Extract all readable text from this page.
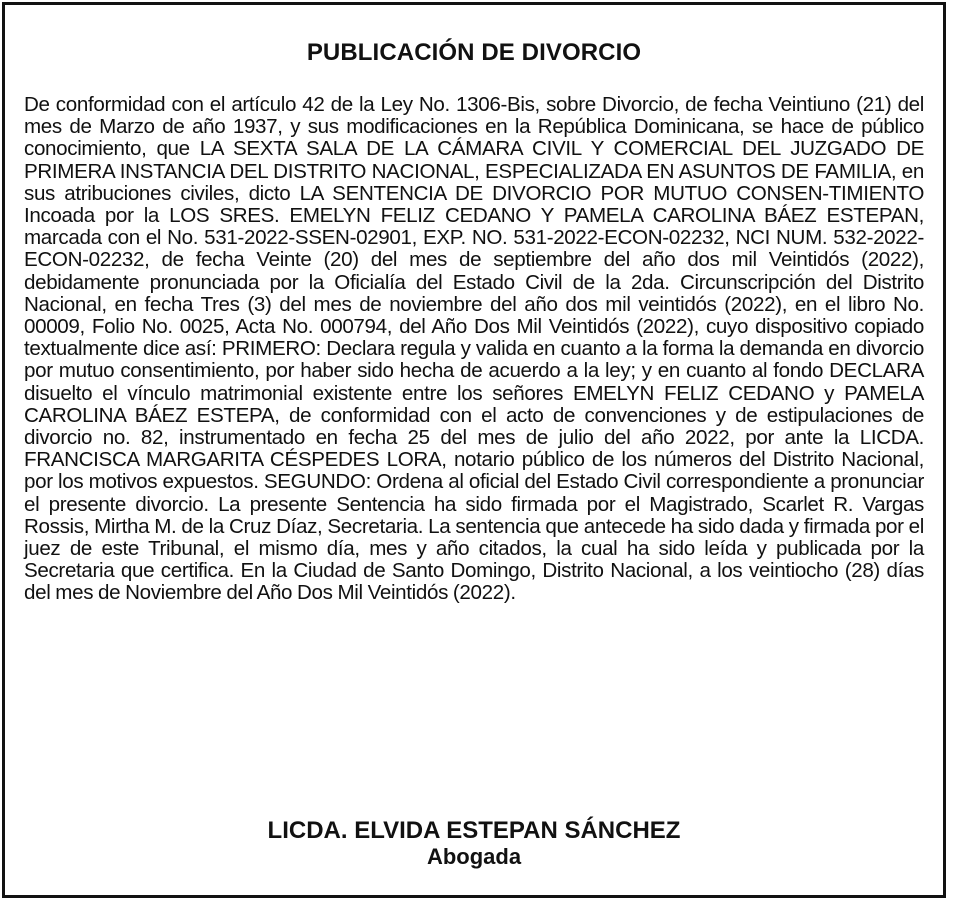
PUBLICACIÓN DE DIVORCIO

De conformidad con el artículo 42 de la Ley No. 1306-Bis, sobre Divorcio, de fecha Veintiuno (21) del mes de Marzo de año 1937, y sus modificaciones en la República Dominicana, se hace de público conocimiento, que LA SEXTA SALA DE LA CÁMARA CIVIL Y COMERCIAL DEL JUZGADO DE PRIMERA INSTANCIA DEL DISTRITO NACIONAL, ESPECIALIZADA EN ASUNTOS DE FAMILIA, en sus atribuciones civiles, dicto LA SENTENCIA DE DIVORCIO POR MUTUO CONSEN-TIMIENTO Incoada por la LOS SRES. EMELYN FELIZ CEDANO Y PAMELA CAROLINA BÁEZ ESTEPAN, marcada con el No. 531-2022-SSEN-02901, EXP. NO. 531-2022-ECON-02232, NCI NUM. 532-2022-ECON-02232, de fecha Veinte (20) del mes de septiembre del año dos mil Veintidós (2022), debidamente pronunciada por la Oficialía del Estado Civil de la 2da. Circunscripción del Distrito Nacional, en fecha Tres (3) del mes de noviembre del año dos mil veintidós (2022), en el libro No. 00009, Folio No. 0025, Acta No. 000794, del Año Dos Mil Veintidós (2022), cuyo dispositivo copiado textualmente dice así: PRIMERO: Declara regula y valida en cuanto a la forma la demanda en divorcio por mutuo consentimiento, por haber sido hecha de acuerdo a la ley; y en cuanto al fondo DECLARA disuelto el vínculo matrimonial existente entre los señores EMELYN FELIZ CEDANO y PAMELA CAROLINA BÁEZ ESTEPA, de conformidad con el acto de convenciones y de estipulaciones de divorcio no. 82, instrumentado en fecha 25 del mes de julio del año 2022, por ante la LICDA. FRANCISCA MARGARITA CÉSPEDES LORA, notario público de los números del Distrito Nacional, por los motivos expuestos. SEGUNDO: Ordena al oficial del Estado Civil correspondiente a pronunciar el presente divorcio. La presente Sentencia ha sido firmada por el Magistrado, Scarlet R. Vargas Rossis, Mirtha M. de la Cruz Díaz, Secretaria. La sentencia que antecede ha sido dada y firmada por el juez de este Tribunal, el mismo día, mes y año citados, la cual ha sido leída y publicada por la Secretaria que certifica. En la Ciudad de Santo Domingo, Distrito Nacional, a los veintiocho (28) días del mes de Noviembre del Año Dos Mil Veintidós (2022).

LICDA. ELVIDA ESTEPAN SÁNCHEZ
Abogada
